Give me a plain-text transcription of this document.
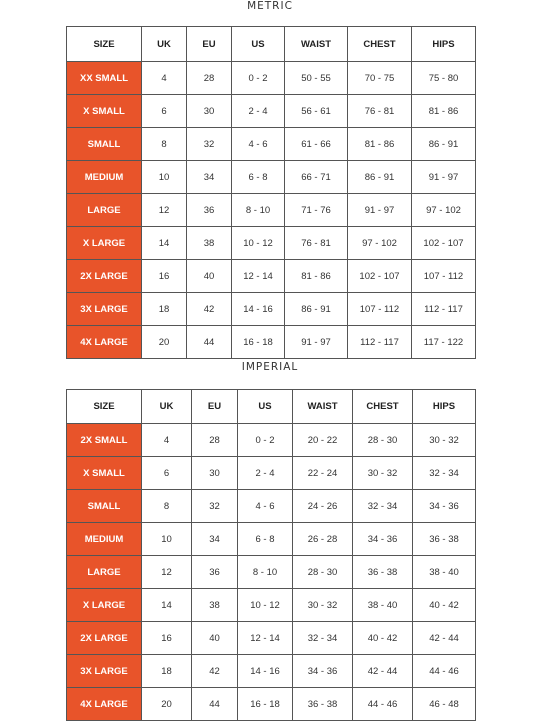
METRIC
SIZE	UK	EU	US	WAIST	CHEST	HIPS
XX SMALL	4	28	0 - 2	50 - 55	70 - 75	75 - 80
X SMALL	6	30	2 - 4	56 - 61	76 - 81	81 - 86
SMALL	8	32	4 - 6	61 - 66	81 - 86	86 - 91
MEDIUM	10	34	6 - 8	66 - 71	86 - 91	91 - 97
LARGE	12	36	8 - 10	71 - 76	91 - 97	97 - 102
X LARGE	14	38	10 - 12	76 - 81	97 - 102	102 - 107
2X LARGE	16	40	12 - 14	81 - 86	102 - 107	107 - 112
3X LARGE	18	42	14 - 16	86 - 91	107 - 112	112 - 117
4X LARGE	20	44	16 - 18	91 - 97	112 - 117	117 - 122
IMPERIAL
SIZE	UK	EU	US	WAIST	CHEST	HIPS
2X SMALL	4	28	0 - 2	20 - 22	28 - 30	30 - 32
X SMALL	6	30	2 - 4	22 - 24	30 - 32	32 - 34
SMALL	8	32	4 - 6	24 - 26	32 - 34	34 - 36
MEDIUM	10	34	6 - 8	26 - 28	34 - 36	36 - 38
LARGE	12	36	8 - 10	28 - 30	36 - 38	38 - 40
X LARGE	14	38	10 - 12	30 - 32	38 - 40	40 - 42
2X LARGE	16	40	12 - 14	32 - 34	40 - 42	42 - 44
3X LARGE	18	42	14 - 16	34 - 36	42 - 44	44 - 46
4X LARGE	20	44	16 - 18	36 - 38	44 - 46	46 - 48
